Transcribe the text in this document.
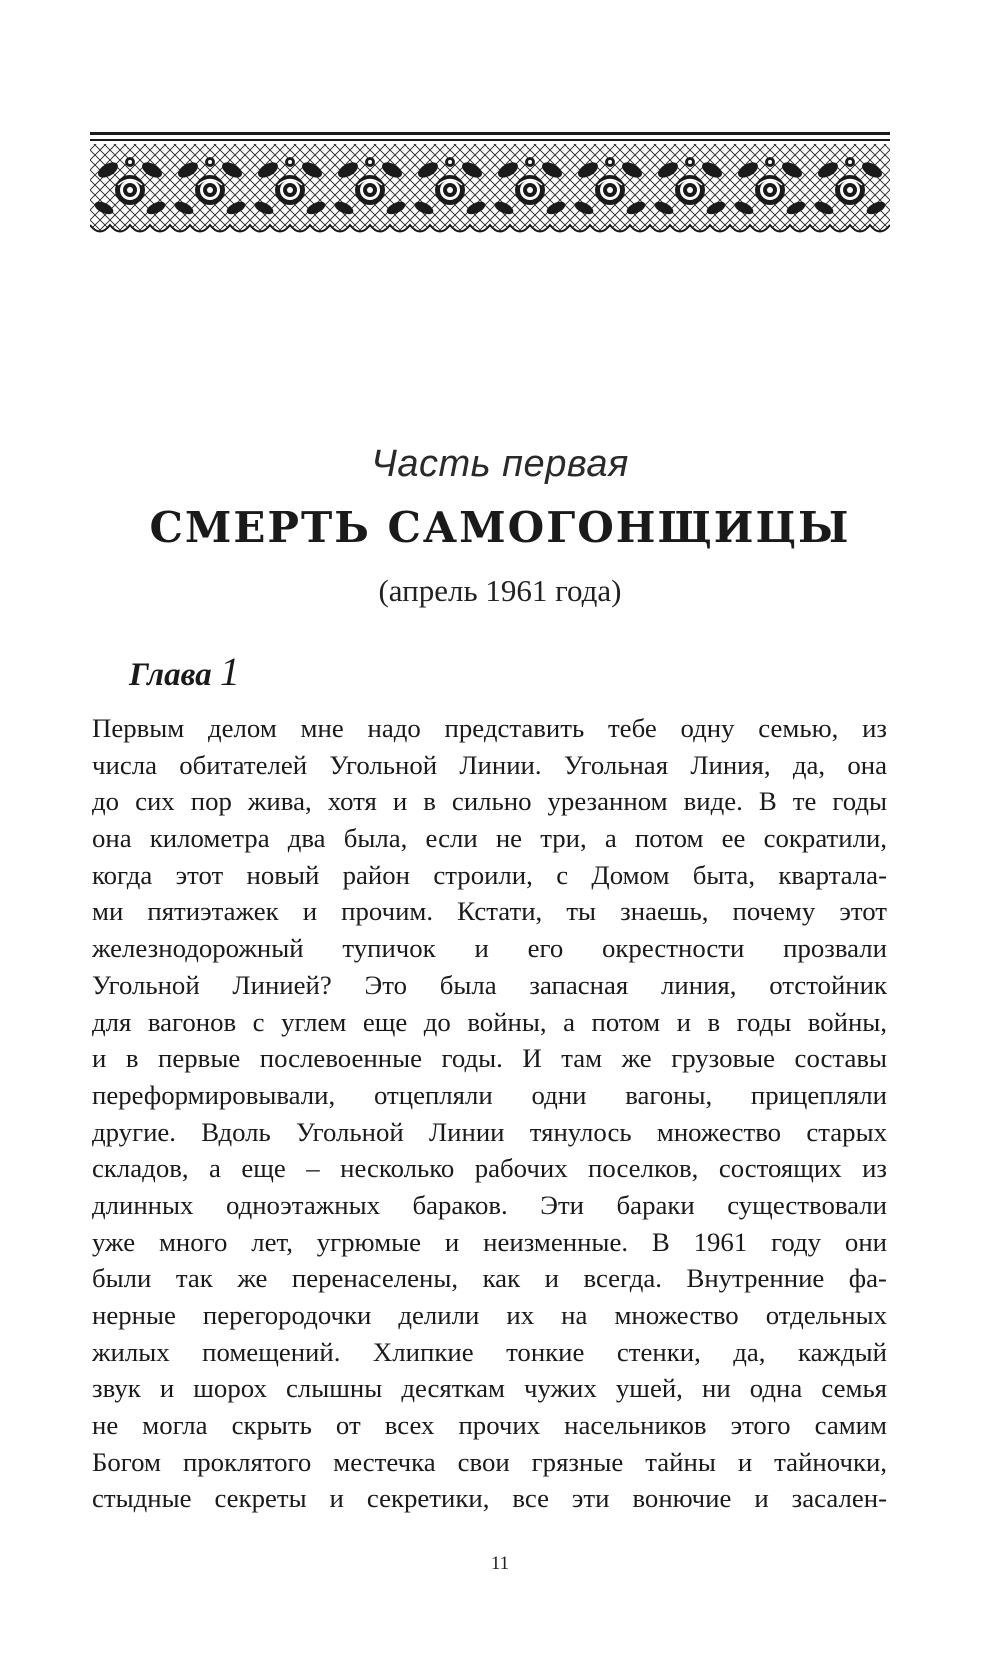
Часть первая
СМЕРТЬ САМОГОНЩИЦЫ
(апрель 1961 года)
Глава 1
Первым делом мне надо представить тебе одну семью, из
числа обитателей Угольной Линии. Угольная Линия, да, она
до сих пор жива, хотя и в сильно урезанном виде. В те годы
она километра два была, если не три, а потом ее сократили,
когда этот новый район строили, с Домом быта, квартала-
ми пятиэтажек и прочим. Кстати, ты знаешь, почему этот
железнодорожный тупичок и его окрестности прозвали
Угольной Линией? Это была запасная линия, отстойник
для вагонов с углем еще до войны, а потом и в годы войны,
и в первые послевоенные годы. И там же грузовые составы
переформировывали, отцепляли одни вагоны, прицепляли
другие. Вдоль Угольной Линии тянулось множество старых
складов, а еще – несколько рабочих поселков, состоящих из
длинных одноэтажных бараков. Эти бараки существовали
уже много лет, угрюмые и неизменные. В 1961 году они
были так же перенаселены, как и всегда. Внутренние фа-
нерные перегородочки делили их на множество отдельных
жилых помещений. Хлипкие тонкие стенки, да, каждый
звук и шорох слышны десяткам чужих ушей, ни одна семья
не могла скрыть от всех прочих насельников этого самим
Богом проклятого местечка свои грязные тайны и тайночки,
стыдные секреты и секретики, все эти вонючие и засален-
11
